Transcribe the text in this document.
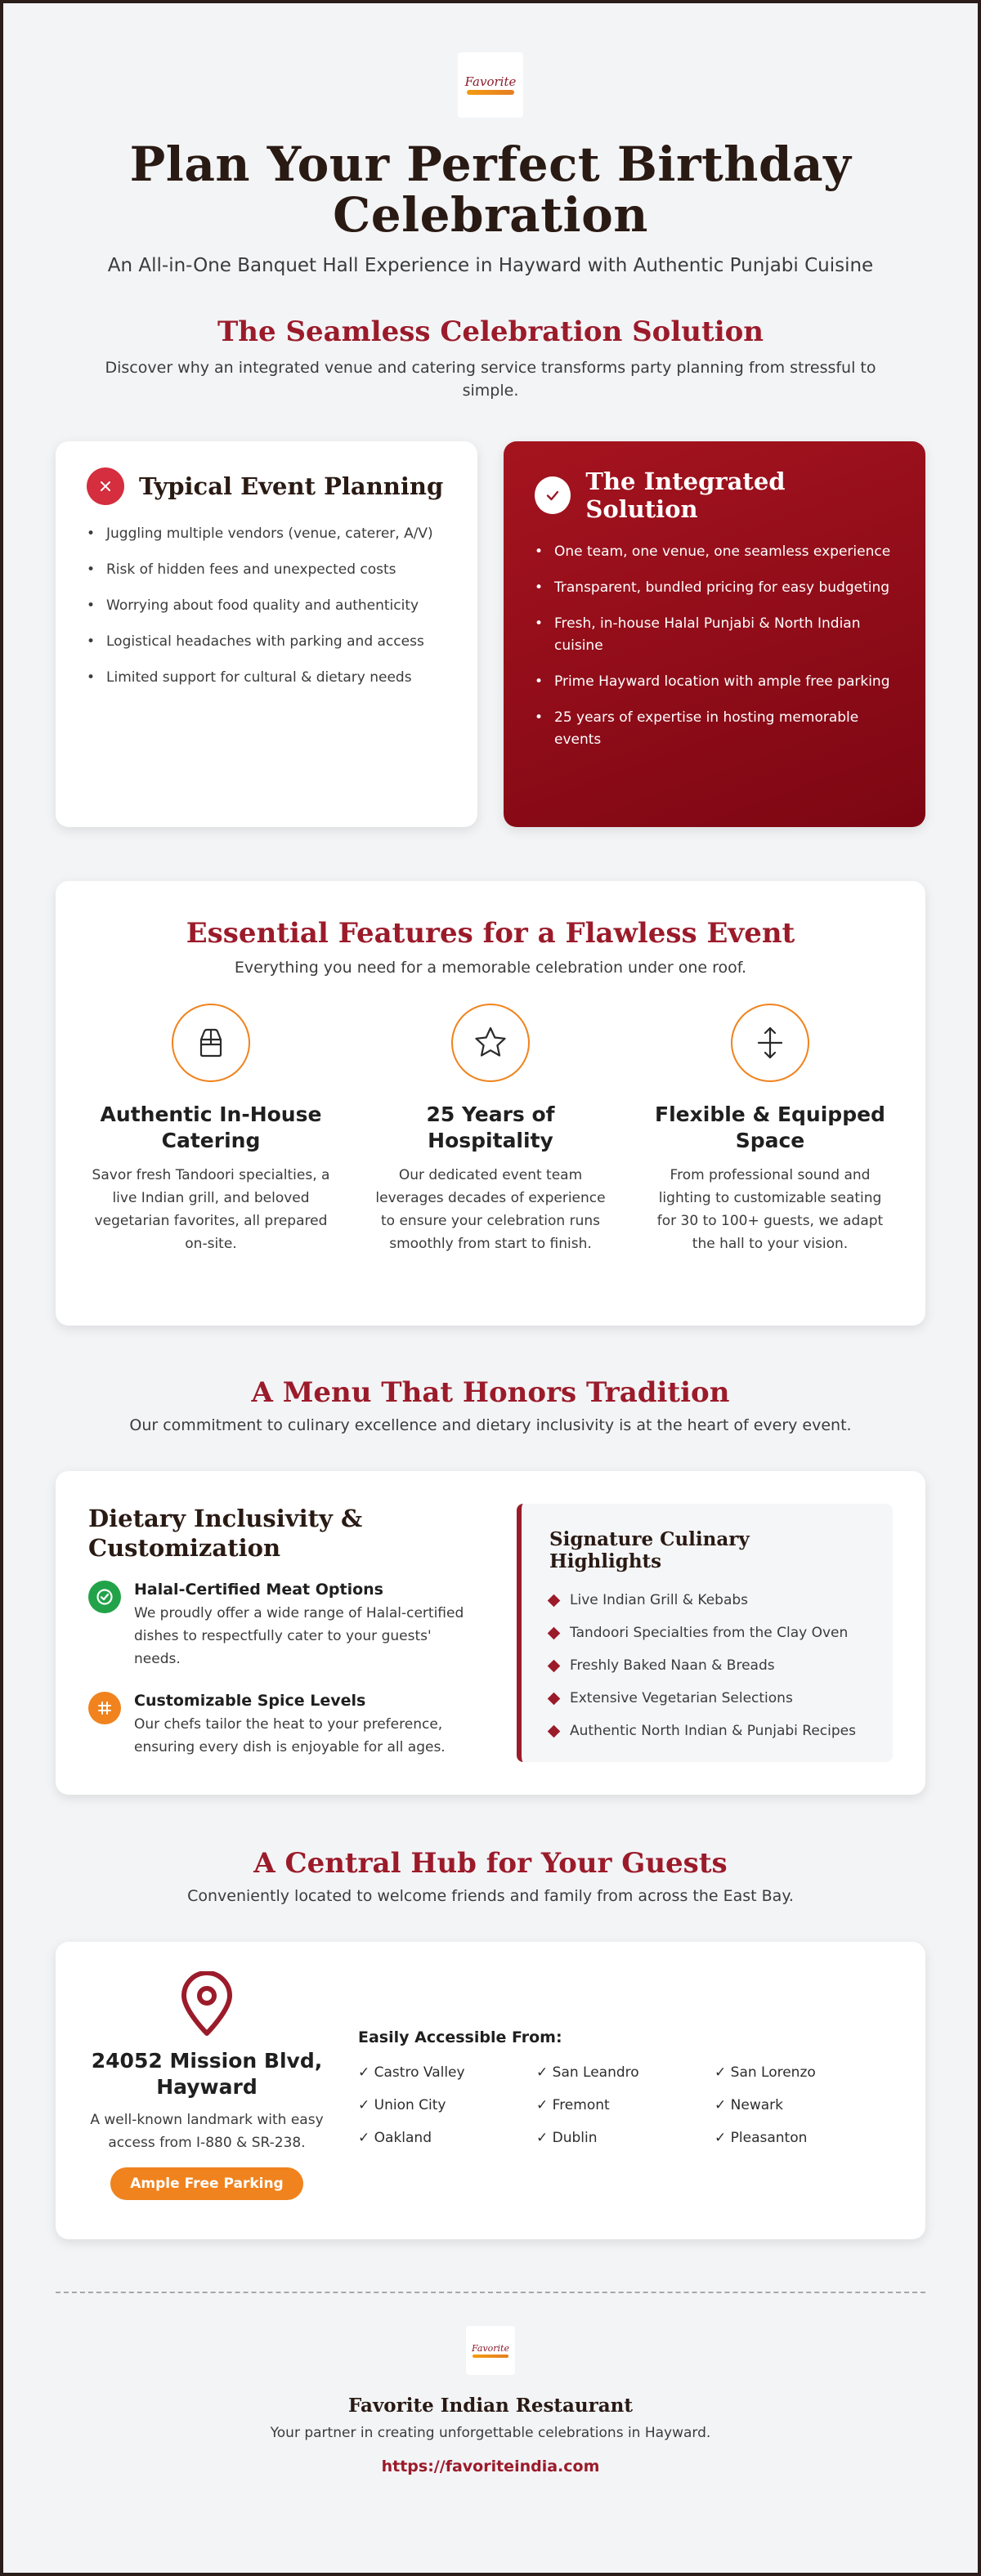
Favorite
Plan Your Perfect Birthday Celebration

An All-in-One Banquet Hall Experience in Hayward with Authentic Punjabi Cuisine

The Seamless Celebration Solution

Discover why an integrated venue and catering service transforms party planning from stressful to simple.

Typical Event Planning
• Juggling multiple vendors (venue, caterer, A/V)
• Risk of hidden fees and unexpected costs
• Worrying about food quality and authenticity
• Logistical headaches with parking and access
• Limited support for cultural & dietary needs
The Integrated Solution
• One team, one venue, one seamless experience
• Transparent, bundled pricing for easy budgeting
• Fresh, in-house Halal Punjabi & North Indian cuisine
• Prime Hayward location with ample free parking
• 25 years of expertise in hosting memorable events
Essential Features for a Flawless Event

Everything you need for a memorable celebration under one roof.

Authentic In-House Catering

Savor fresh Tandoori specialties, a live Indian grill, and beloved vegetarian favorites, all prepared on-site.

25 Years of Hospitality

Our dedicated event team leverages decades of experience to ensure your celebration runs smoothly from start to finish.

Flexible & Equipped Space

From professional sound and lighting to customizable seating for 30 to 100+ guests, we adapt the hall to your vision.

A Menu That Honors Tradition

Our commitment to culinary excellence and dietary inclusivity is at the heart of every event.

Dietary Inclusivity & Customization
Halal-Certified Meat Options

We proudly offer a wide range of Halal-certified dishes to respectfully cater to your guests' needs.

Customizable Spice Levels

Our chefs tailor the heat to your preference, ensuring every dish is enjoyable for all ages.

Signature Culinary Highlights
Live Indian Grill & Kebabs
Tandoori Specialties from the Clay Oven
Freshly Baked Naan & Breads
Extensive Vegetarian Selections
Authentic North Indian & Punjabi Recipes
A Central Hub for Your Guests

Conveniently located to welcome friends and family from across the East Bay.

24052 Mission Blvd, Hayward

A well-known landmark with easy access from I-880 & SR-238.

Ample Free Parking
Easily Accessible From:
✓ Castro Valley	✓ San Leandro	✓ San Lorenzo
✓ Union City	✓ Fremont	✓ Newark
✓ Oakland	✓ Dublin	✓ Pleasanton
Favorite
Favorite Indian Restaurant

Your partner in creating unforgettable celebrations in Hayward.

https://favoriteindia.com
